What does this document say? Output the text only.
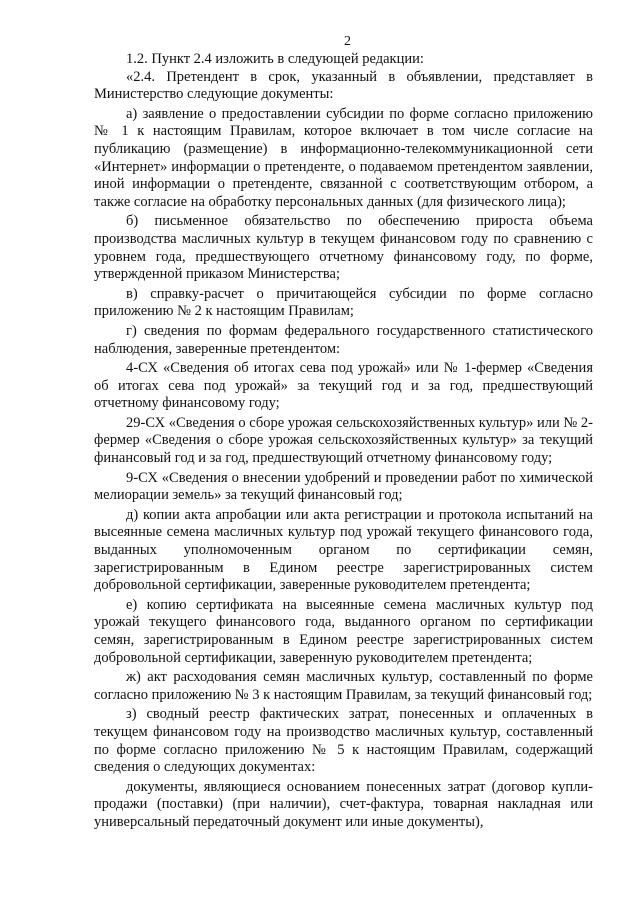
2

1.2. Пункт 2.4 изложить в следующей редакции:

«2.4. Претендент в срок, указанный в объявлении, представляет в Министерство следующие документы:

а) заявление о предоставлении субсидии по форме согласно приложению № 1 к настоящим Правилам, которое включает в том числе согласие на публикацию (размещение) в информационно-телекоммуникационной сети «Интернет» информации о претенденте, о подаваемом претендентом заявлении, иной информации о претенденте, связанной с соответствующим отбором, а также согласие на обработку персональных данных (для физического лица);

б) письменное обязательство по обеспечению прироста объема производства масличных культур в текущем финансовом году по сравнению с уровнем года, предшествующего отчетному финансовому году, по форме, утвержденной приказом Министерства;

в) справку-расчет о причитающейся субсидии по форме согласно приложению № 2 к настоящим Правилам;

г) сведения по формам федерального государственного статистического наблюдения, заверенные претендентом:

4-СХ «Сведения об итогах сева под урожай» или № 1-фермер «Сведения об итогах сева под урожай» за текущий год и за год, предшествующий отчетному финансовому году;

29-СХ «Сведения о сборе урожая сельскохозяйственных культур» или № 2-фермер «Сведения о сборе урожая сельскохозяйственных культур» за текущий финансовый год и за год, предшествующий отчетному финансовому году;

9-СХ «Сведения о внесении удобрений и проведении работ по химической мелиорации земель» за текущий финансовый год;

д) копии акта апробации или акта регистрации и протокола испытаний на высеянные семена масличных культур под урожай текущего финансового года, выданных уполномоченным органом по сертификации семян, зарегистрированным в Едином реестре зарегистрированных систем добровольной сертификации, заверенные руководителем претендента;

е) копию сертификата на высеянные семена масличных культур под урожай текущего финансового года, выданного органом по сертификации семян, зарегистрированным в Едином реестре зарегистрированных систем добровольной сертификации, заверенную руководителем претендента;

ж) акт расходования семян масличных культур, составленный по форме согласно приложению № 3 к настоящим Правилам, за текущий финансовый год;

з) сводный реестр фактических затрат, понесенных и оплаченных в текущем финансовом году на производство масличных культур, составленный по форме согласно приложению № 5 к настоящим Правилам, содержащий сведения о следующих документах:

документы, являющиеся основанием понесенных затрат (договор купли-продажи (поставки) (при наличии), счет-фактура, товарная накладная или универсальный передаточный документ или иные документы),
